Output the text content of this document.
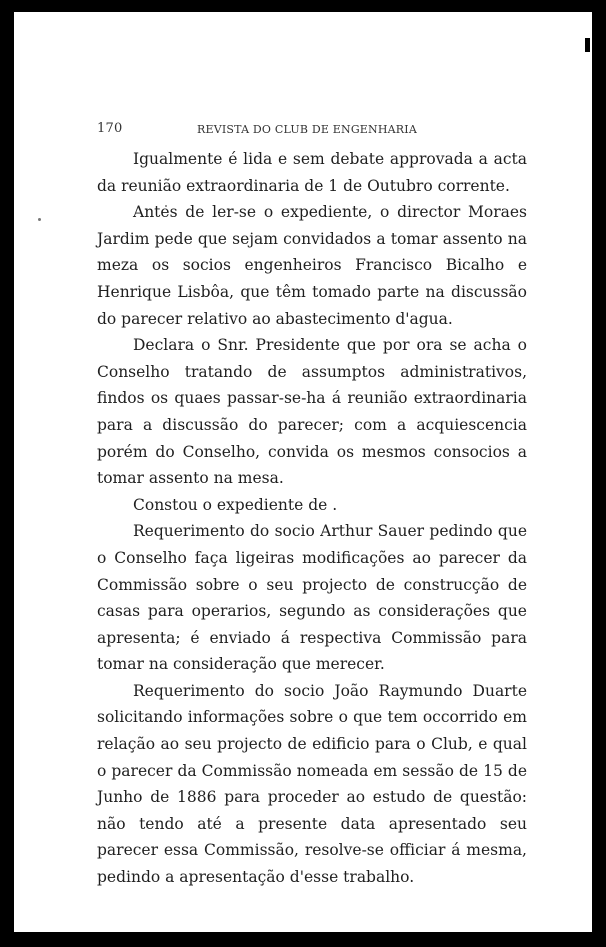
170	REVISTA DO CLUB DE ENGENHARIA

Igualmente é lida e sem debate approvada a acta da reunião extraordinaria de 1 de Outubro corrente.

Antes de ler-se o expediente, o director Moraes Jardim pede que sejam convidados a tomar assento na meza os socios engenheiros Francisco Bicalho e Henrique Lisbôa, que têm tomado parte na discussão do parecer relativo ao abastecimento d'agua.

Declara o Snr. Presidente que por ora se acha o Conselho tratando de assumptos administrativos, findos os quaes passar-se-ha á reunião extraordinaria para a discussão do parecer; com a acquiescencia porém do Conselho, convida os mesmos consocios a tomar assento na mesa.

Constou o expediente de .

Requerimento do socio Arthur Sauer pedindo que o Conselho faça ligeiras modificações ao parecer da Commissão sobre o seu projecto de construcção de casas para operarios, segundo as considerações que apresenta; é enviado á respectiva Commissão para tomar na consideração que merecer.

Requerimento do socio João Raymundo Duarte solicitando informações sobre o que tem occorrido em relação ao seu projecto de edificio para o Club, e qual o parecer da Commissão nomeada em sessão de 15 de Junho de 1886 para proceder ao estudo de questão: não tendo até a presente data apresentado seu parecer essa Commissão, resolve-se officiar á mesma, pedindo a apresentação d'esse trabalho.
